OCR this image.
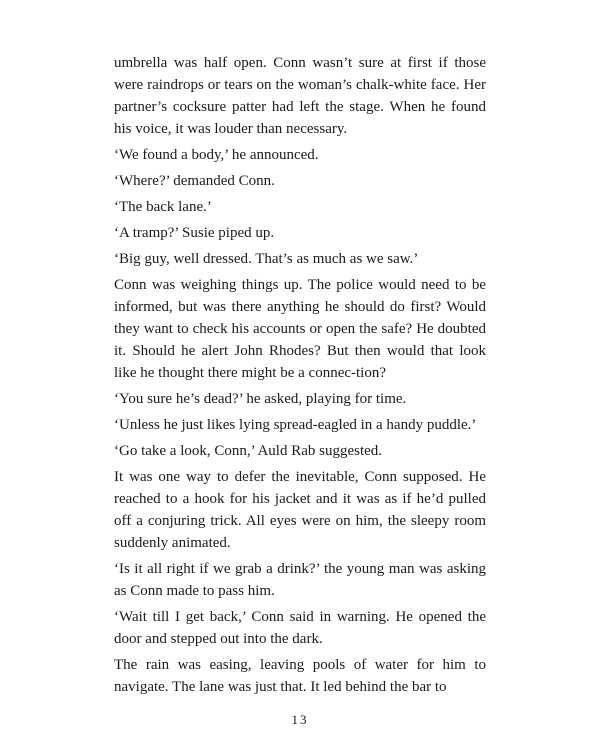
umbrella was half open. Conn wasn’t sure at first if those were raindrops or tears on the woman’s chalk-white face. Her partner’s cocksure patter had left the stage. When he found his voice, it was louder than necessary.

‘We found a body,’ he announced.

‘Where?’ demanded Conn.

‘The back lane.’

‘A tramp?’ Susie piped up.

‘Big guy, well dressed. That’s as much as we saw.’

Conn was weighing things up. The police would need to be informed, but was there anything he should do first? Would they want to check his accounts or open the safe? He doubted it. Should he alert John Rhodes? But then would that look like he thought there might be a connec-tion?

‘You sure he’s dead?’ he asked, playing for time.

‘Unless he just likes lying spread-eagled in a handy puddle.’

‘Go take a look, Conn,’ Auld Rab suggested.

It was one way to defer the inevitable, Conn supposed. He reached to a hook for his jacket and it was as if he’d pulled off a conjuring trick. All eyes were on him, the sleepy room suddenly animated.

‘Is it all right if we grab a drink?’ the young man was asking as Conn made to pass him.

‘Wait till I get back,’ Conn said in warning. He opened the door and stepped out into the dark.

The rain was easing, leaving pools of water for him to navigate. The lane was just that. It led behind the bar to

13
